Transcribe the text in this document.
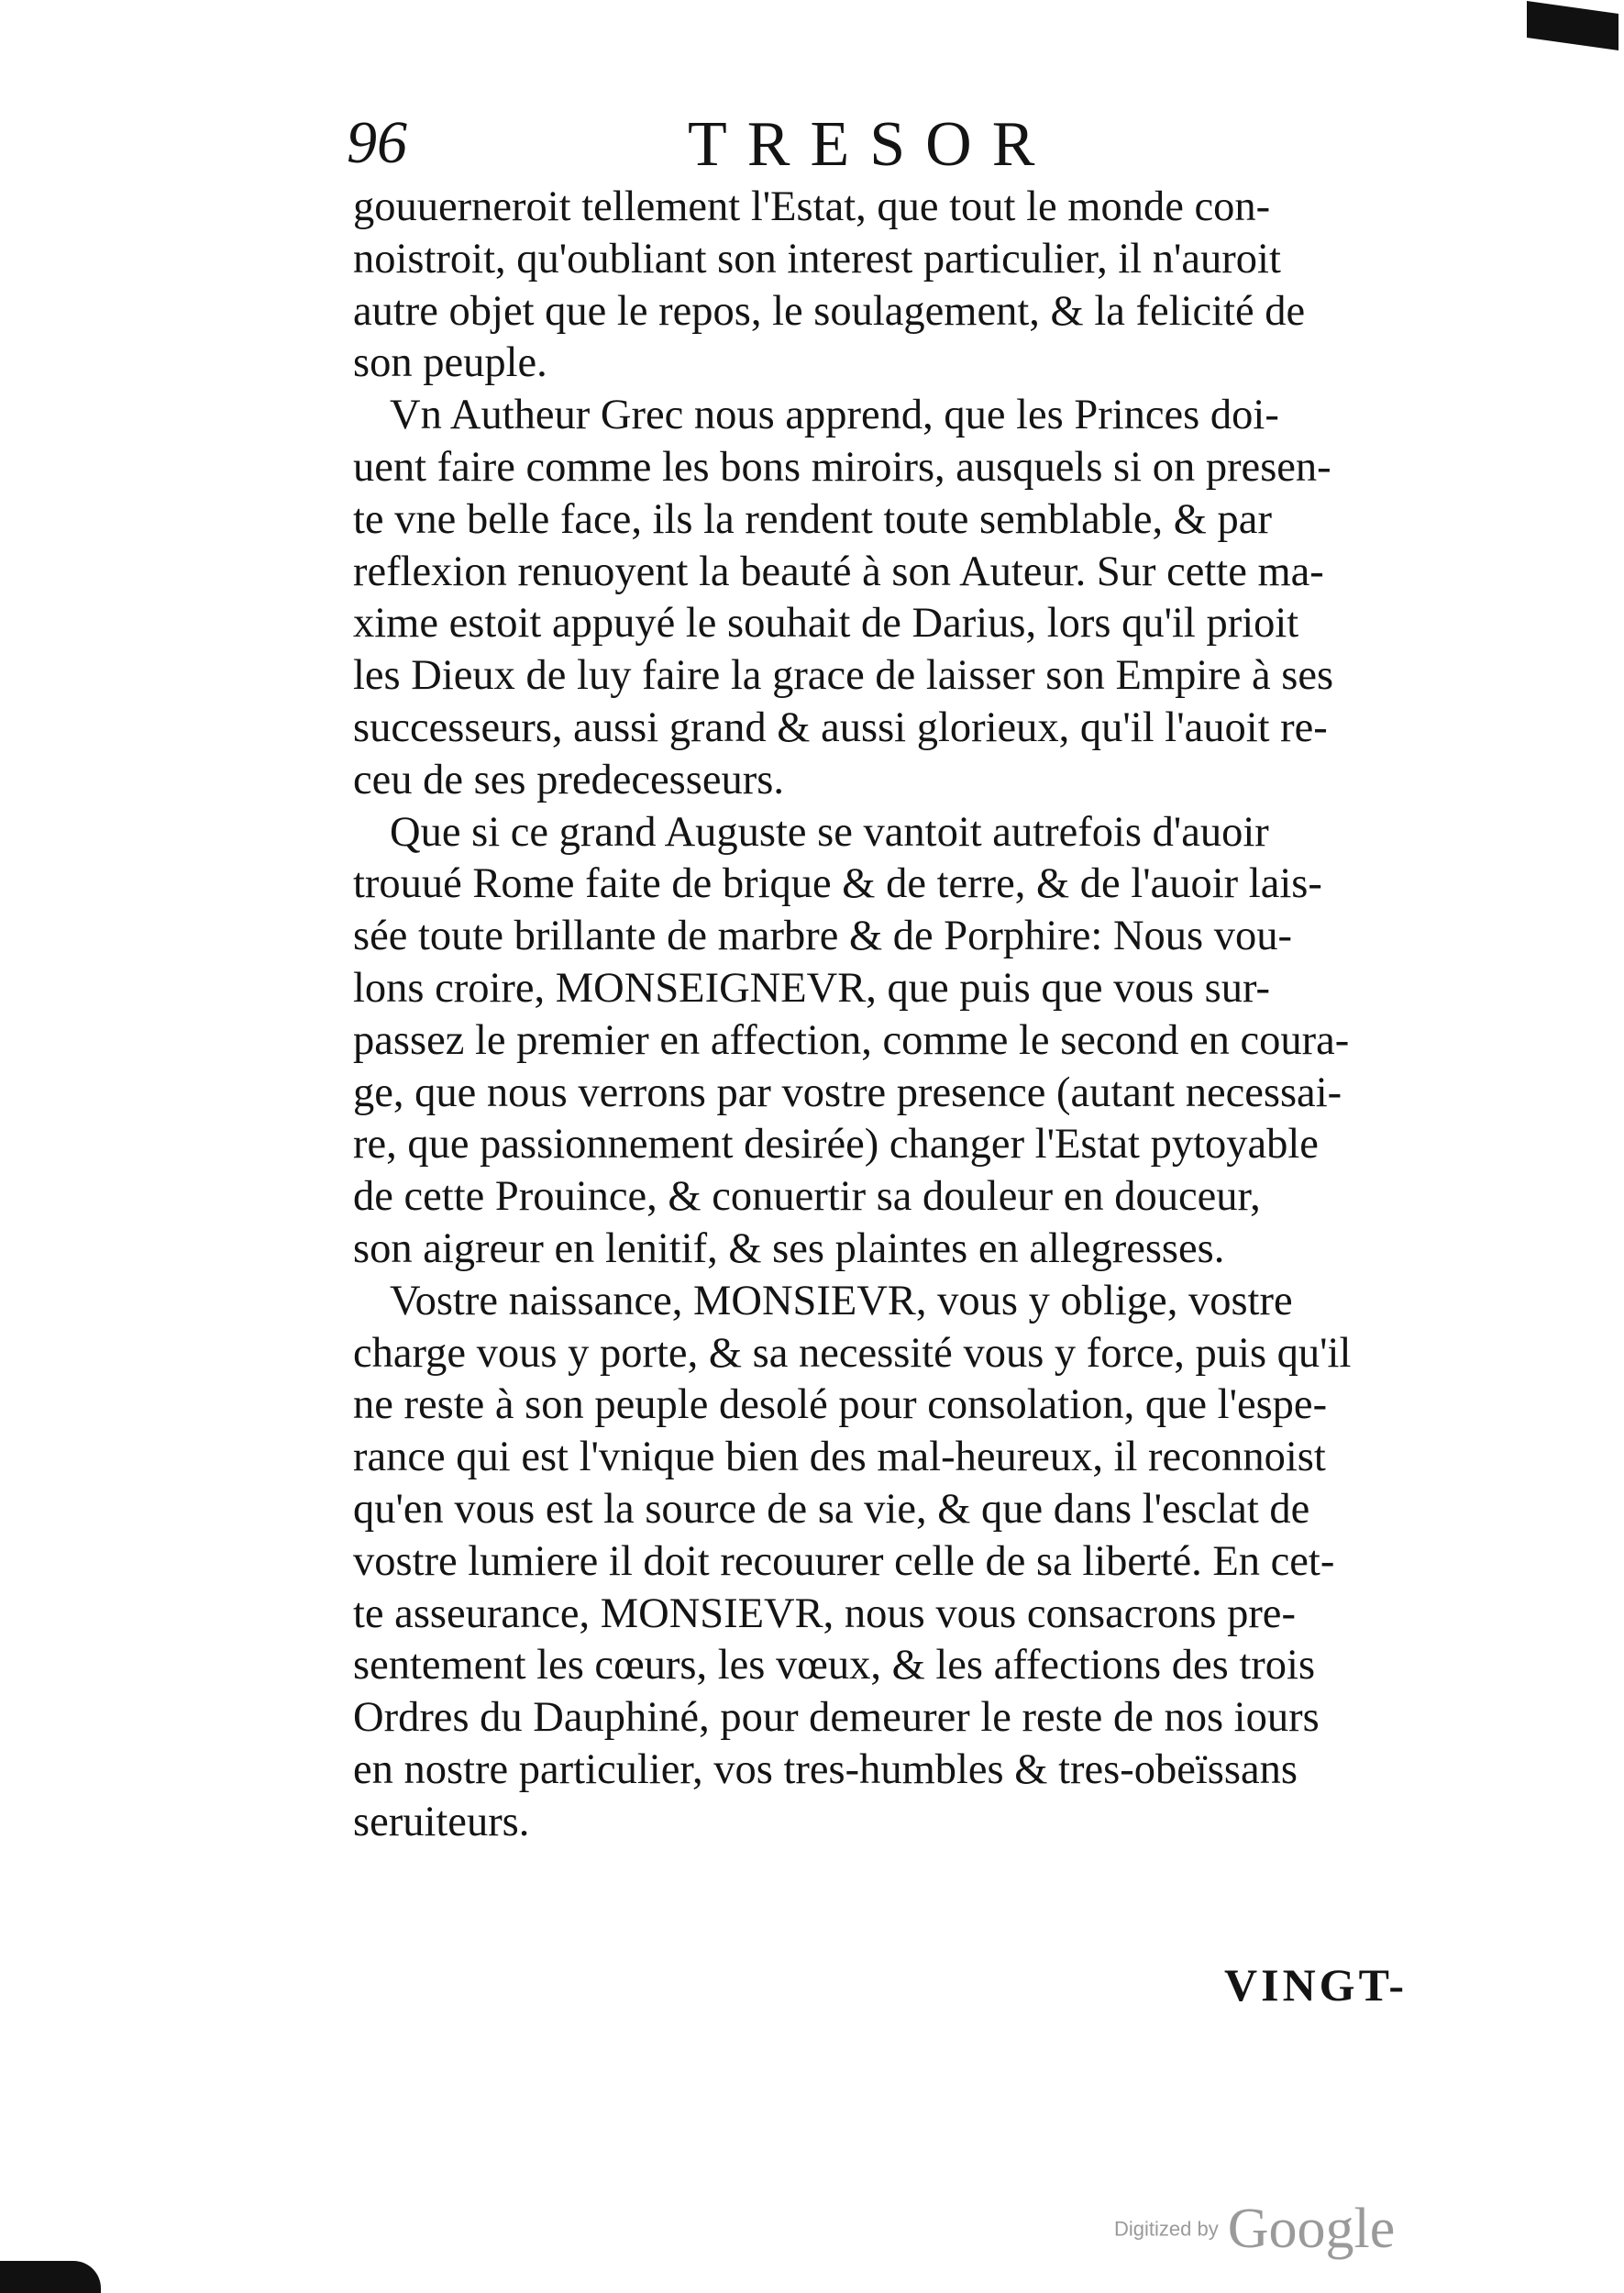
96	TRESOR
gouuerneroit tellement l'Estat, que tout le monde con-
noistroit, qu'oubliant son interest particulier, il n'auroit
autre objet que le repos, le soulagement, & la felicité de
son peuple.
Vn Autheur Grec nous apprend, que les Princes doi-
uent faire comme les bons miroirs, ausquels si on presen-
te vne belle face, ils la rendent toute semblable, & par
reflexion renuoyent la beauté à son Auteur. Sur cette ma-
xime estoit appuyé le souhait de Darius, lors qu'il prioit
les Dieux de luy faire la grace de laisser son Empire à ses
successeurs, aussi grand & aussi glorieux, qu'il l'auoit re-
ceu de ses predecesseurs.
Que si ce grand Auguste se vantoit autrefois d'auoir
trouué Rome faite de brique & de terre, & de l'auoir lais-
sée toute brillante de marbre & de Porphire: Nous vou-
lons croire, MONSEIGNEVR, que puis que vous sur-
passez le premier en affection, comme le second en coura-
ge, que nous verrons par vostre presence (autant necessai-
re, que passionnement desirée) changer l'Estat pytoyable
de cette Prouince, & conuertir sa douleur en douceur,
son aigreur en lenitif, & ses plaintes en allegresses.
Vostre naissance, MONSIEVR, vous y oblige, vostre
charge vous y porte, & sa necessité vous y force, puis qu'il
ne reste à son peuple desolé pour consolation, que l'espe-
rance qui est l'vnique bien des mal-heureux, il reconnoist
qu'en vous est la source de sa vie, & que dans l'esclat de
vostre lumiere il doit recouurer celle de sa liberté. En cet-
te asseurance, MONSIEVR, nous vous consacrons pre-
sentement les cœurs, les vœux, & les affections des trois
Ordres du Dauphiné, pour demeurer le reste de nos iours
en nostre particulier, vos tres-humbles & tres-obeïssans
seruiteurs.
VINGT-
Digitized by Google
